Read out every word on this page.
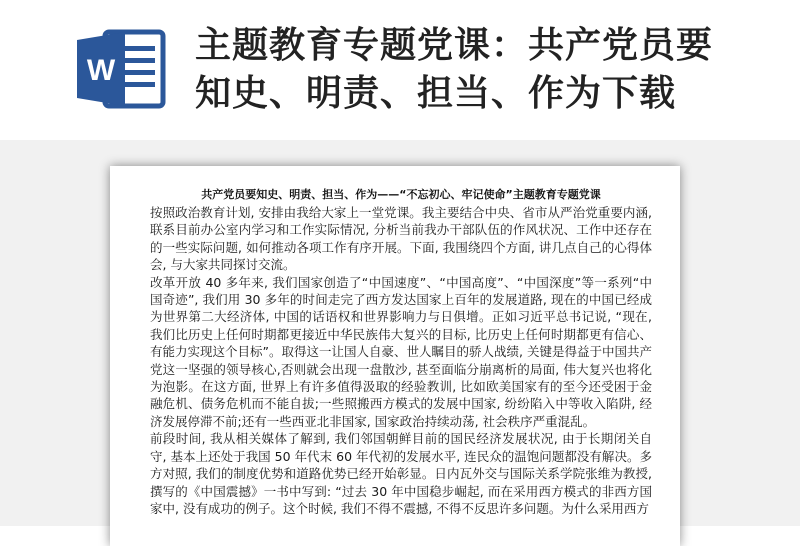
W
主题教育专题党课：共产党员要
知史、明责、担当、作为下载
共产党员要知史、明责、担当、作为——“不忘初心、牢记使命”主题教育专题党课

按照政治教育计划, 安排由我给大家上一堂党课。我主要结合中央、省市从严治党重要内涵, 联系目前办公室内学习和工作实际情况, 分析当前我办干部队伍的作风状况、工作中还存在的一些实际问题, 如何推动各项工作有序开展。下面, 我围绕四个方面, 讲几点自己的心得体会, 与大家共同探讨交流。

改革开放 40 多年来, 我们国家创造了“中国速度”、“中国高度”、“中国深度”等一系列“中国奇迹”, 我们用 30 多年的时间走完了西方发达国家上百年的发展道路, 现在的中国已经成为世界第二大经济体, 中国的话语权和世界影响力与日俱增。正如习近平总书记说, “现在, 我们比历史上任何时期都更接近中华民族伟大复兴的目标, 比历史上任何时期都更有信心、有能力实现这个目标”。取得这一让国人自豪、世人瞩目的骄人战绩, 关键是得益于中国共产党这一坚强的领导核心,否则就会出现一盘散沙, 甚至面临分崩离析的局面, 伟大复兴也将化为泡影。在这方面, 世界上有许多值得汲取的经验教训, 比如欧美国家有的至今还受困于金融危机、债务危机而不能自拔;一些照搬西方模式的发展中国家, 纷纷陷入中等收入陷阱, 经济发展停滞不前;还有一些西亚北非国家, 国家政治持续动荡, 社会秩序严重混乱。

前段时间, 我从相关媒体了解到, 我们邻国朝鲜目前的国民经济发展状况, 由于长期闭关自守, 基本上还处于我国 50 年代末 60 年代初的发展水平, 连民众的温饱问题都没有解决。多方对照, 我们的制度优势和道路优势已经开始彰显。日内瓦外交与国际关系学院张维为教授, 撰写的《中国震撼》一书中写到: “过去 30 年中国稳步崛起, 而在采用西方模式的非西方国家中, 没有成功的例子。这个时候, 我们不得不震撼, 不得不反思许多问题。为什么采用西方
